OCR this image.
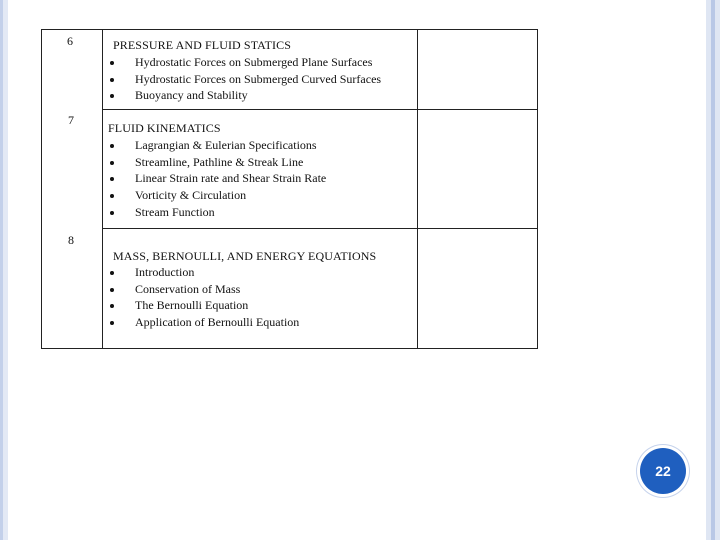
6	PRESSURE AND FLUID STATICS
Hydrostatic Forces on Submerged Plane Surfaces
Hydrostatic Forces on Submerged Curved Surfaces
Buoyancy and Stability
7
FLUID KINEMATICS
Lagrangian & Eulerian Specifications
Streamline, Pathline & Streak Line
Linear Strain rate and Shear Strain Rate
Vorticity & Circulation
Stream Function
8
MASS, BERNOULLI, AND ENERGY EQUATIONS
Introduction
Conservation of Mass
The Bernoulli Equation
Application of Bernoulli Equation
22
